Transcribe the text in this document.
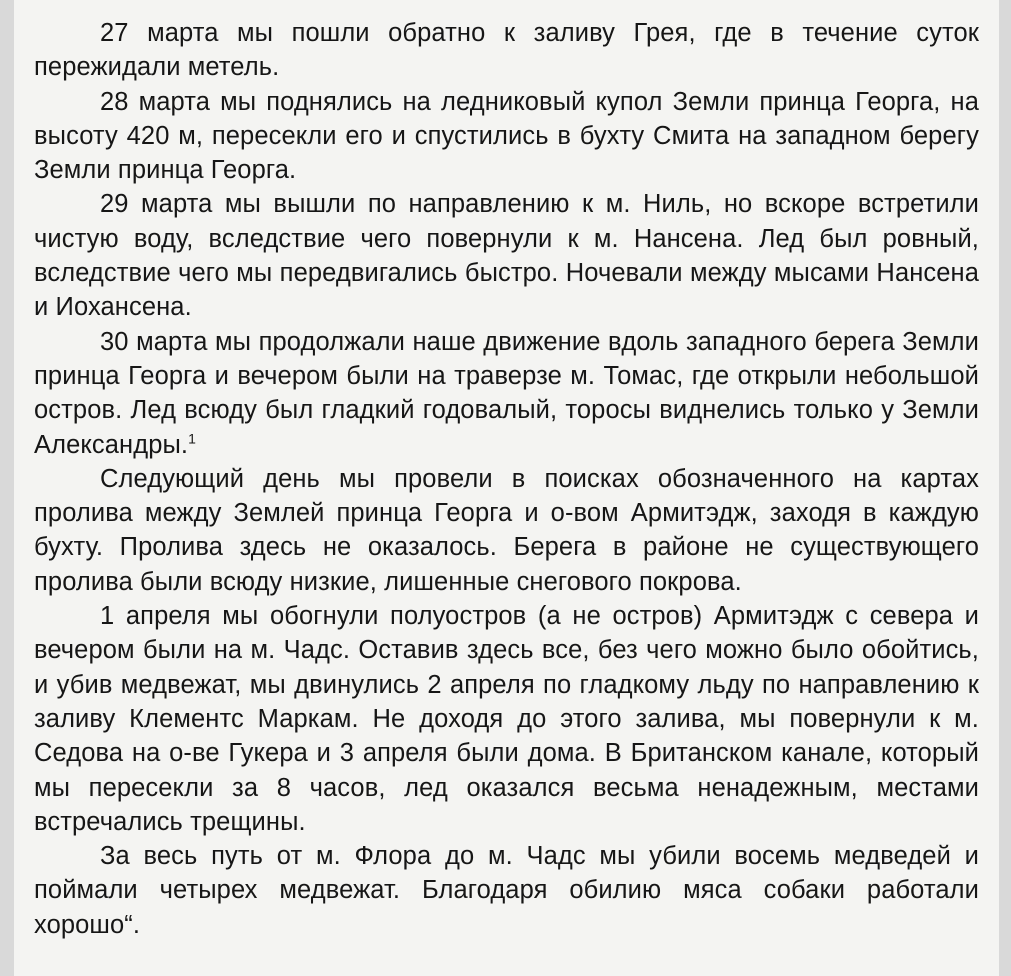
27 марта мы пошли обратно к заливу Грея, где в течение суток пережидали метель.

28 марта мы поднялись на ледниковый купол Земли принца Георга, на высоту 420 м, пересекли его и спустились в бухту Смита на западном берегу Земли принца Георга.

29 марта мы вышли по направлению к м. Ниль, но вскоре встретили чистую воду, вследствие чего повернули к м. Нансена. Лед был ровный, вследствие чего мы передвигались быстро. Ночевали между мысами Нансена и Иохансена.

30 марта мы продолжали наше движение вдоль западного берега Земли принца Георга и вечером были на траверзе м. Томас, где открыли небольшой остров. Лед всюду был гладкий годовалый, торосы виднелись только у Земли Александры.$^1$

Следующий день мы провели в поисках обозначенного на картах пролива между Землей принца Георга и о-вом Армитэдж, заходя в каждую бухту. Пролива здесь не оказалось. Берега в районе не существующего пролива были всюду низкие, лишенные снегового покрова.

1 апреля мы обогнули полуостров (а не остров) Армитэдж с севера и вечером были на м. Чадс. Оставив здесь все, без чего можно было обойтись, и убив медвежат, мы двинулись 2 апреля по гладкому льду по направлению к заливу Клементс Маркам. Не доходя до этого залива, мы повернули к м. Седова на о-ве Гукера и 3 апреля были дома. В Британском канале, который мы пересекли за 8 часов, лед оказался весьма ненадежным, местами встречались трещины.

За весь путь от м. Флора до м. Чадс мы убили восемь медведей и поймали четырех медвежат. Благодаря обилию мяса собаки работали хорошо“.
